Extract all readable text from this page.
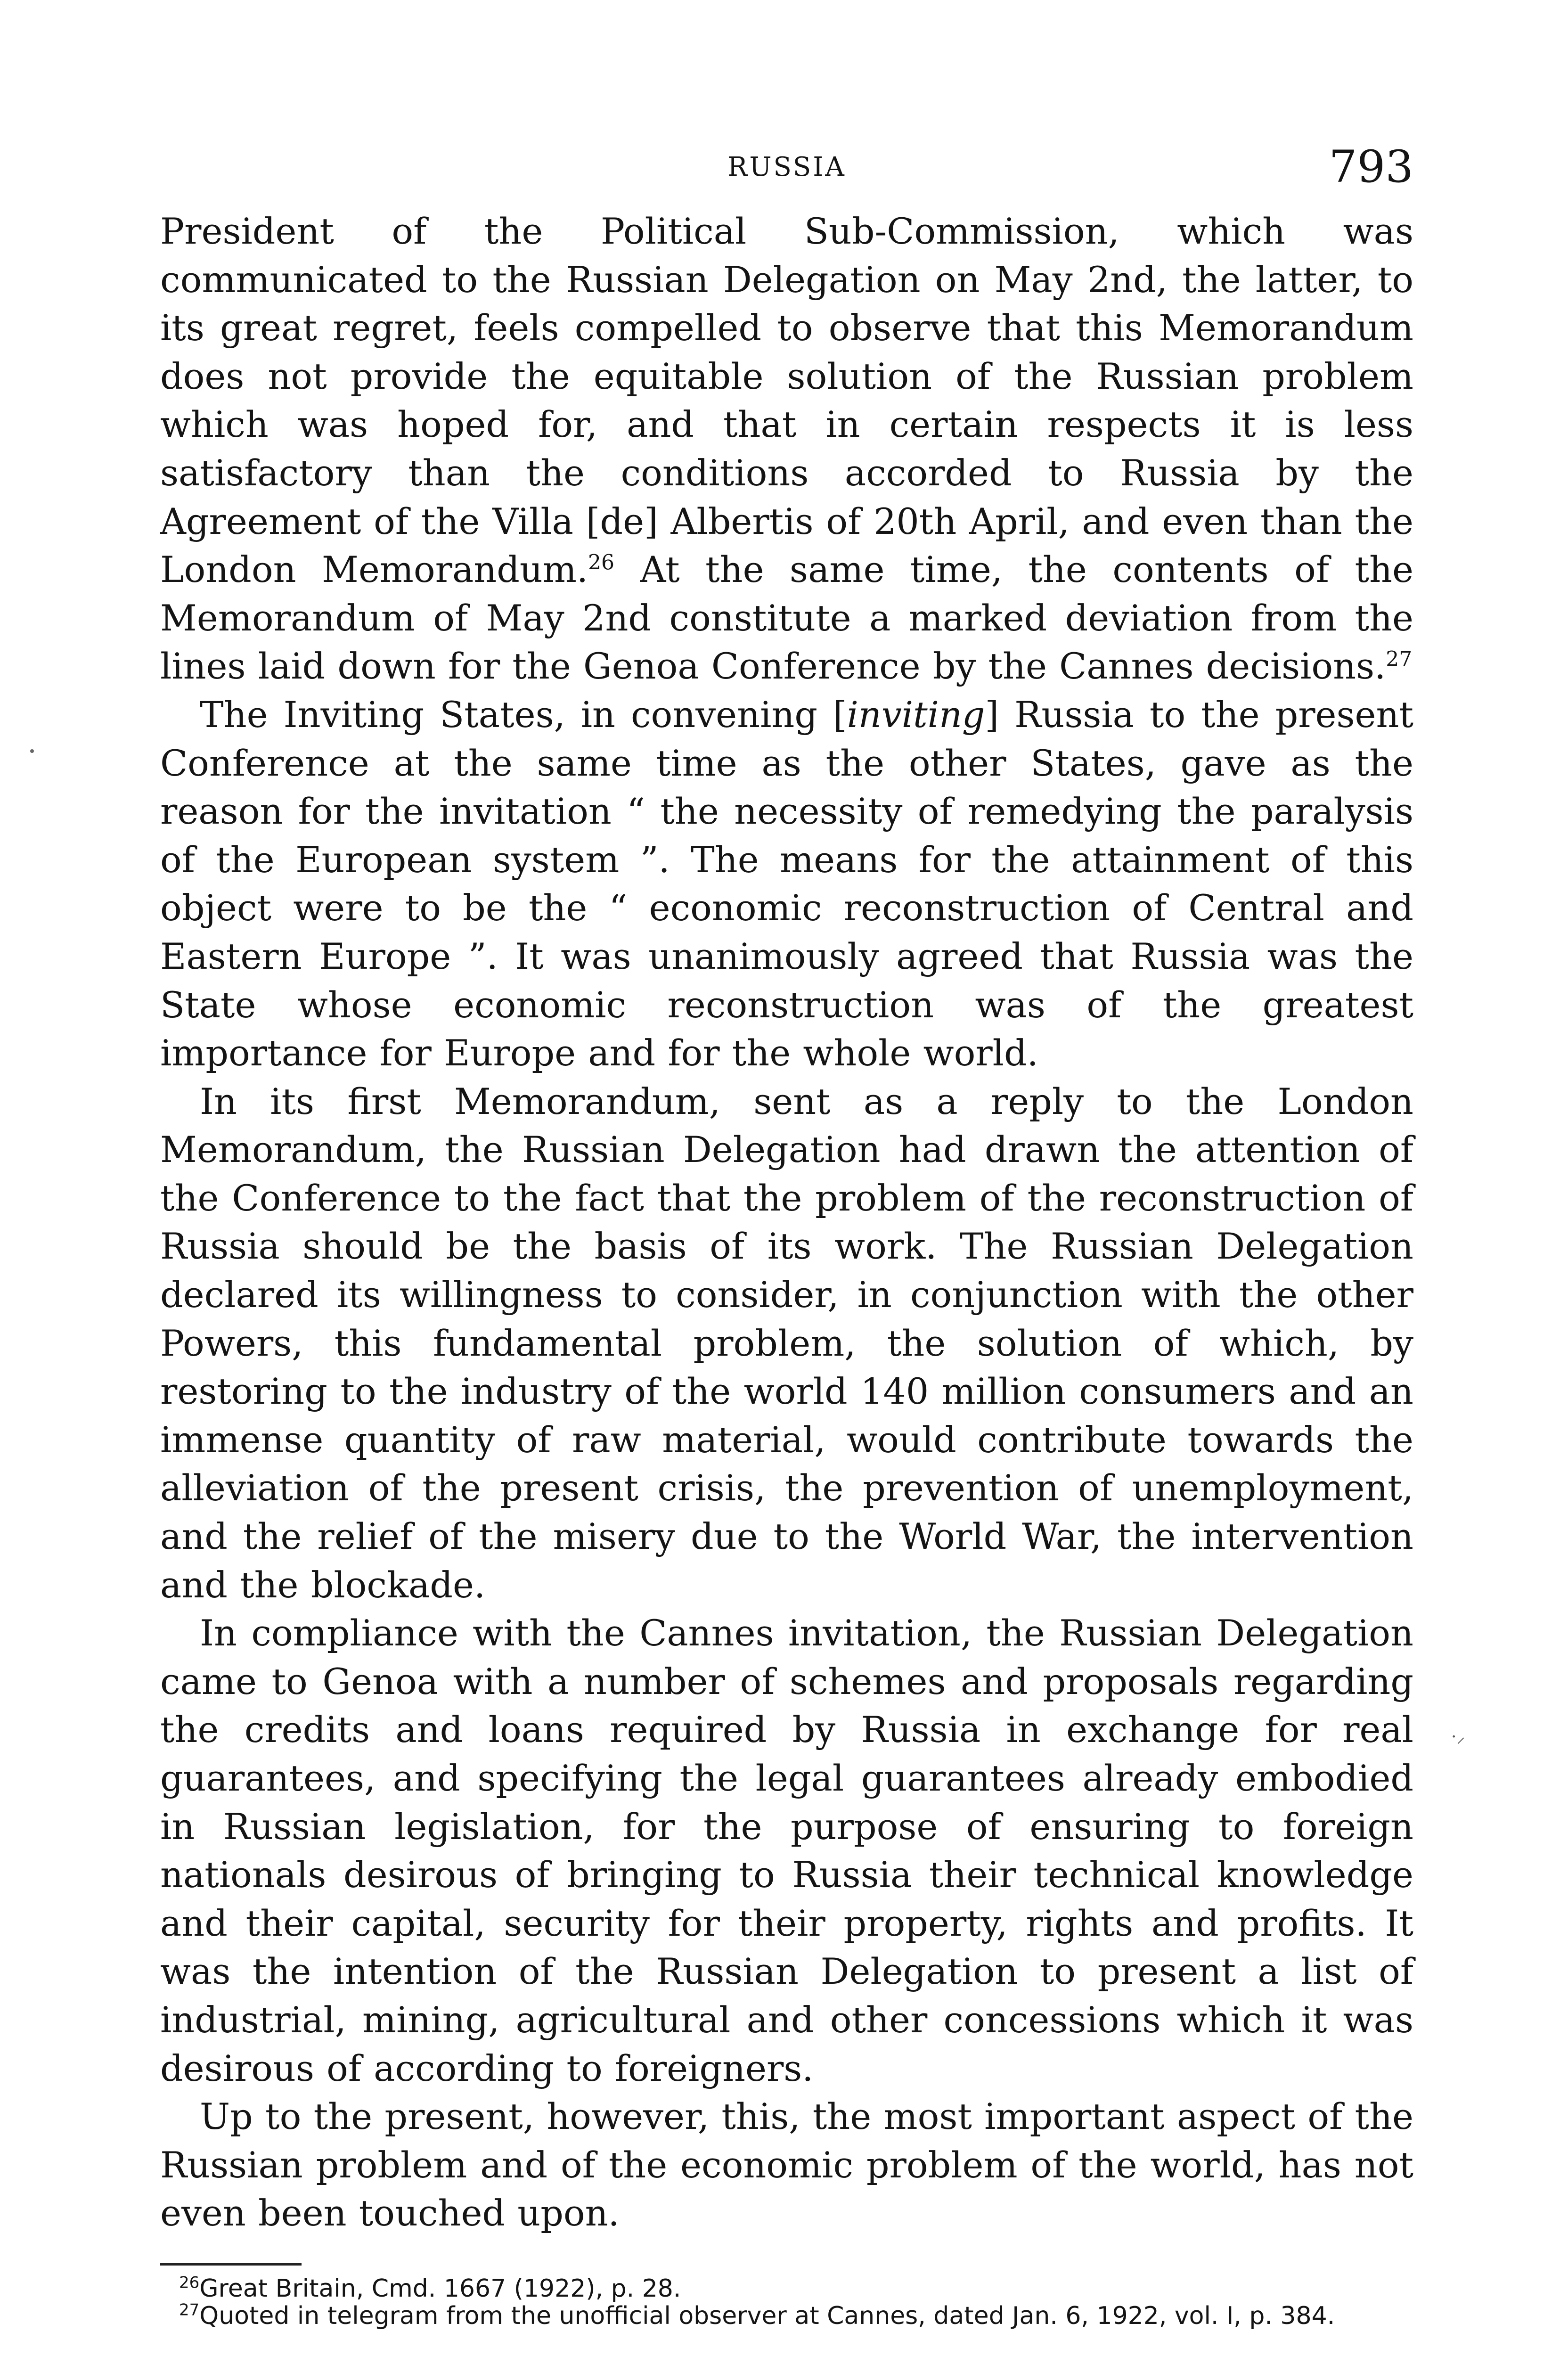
·⸝
RUSSIA	793

President of the Political Sub-Commission, which was communicated to the Russian Delegation on May 2nd, the latter, to its great regret, feels compelled to observe that this Memorandum does not provide the equitable solution of the Russian problem which was hoped for, and that in certain respects it is less satisfactory than the conditions accorded to Russia by the Agreement of the Villa [de] Albertis of 20th April, and even than the London Memorandum.$^{26}$ At the same time, the contents of the Memorandum of May 2nd constitute a marked deviation from the lines laid down for the Genoa Conference by the Cannes decisions.$^{27}$

The Inviting States, in convening [inviting] Russia to the present Conference at the same time as the other States, gave as the reason for the invitation “ the necessity of remedying the paralysis of the European system ”. The means for the attainment of this object were to be the “ economic reconstruction of Central and Eastern Europe ”. It was unanimously agreed that Russia was the State whose economic reconstruction was of the greatest importance for Europe and for the whole world.

In its first Memorandum, sent as a reply to the London Memorandum, the Russian Delegation had drawn the attention of the Conference to the fact that the problem of the reconstruction of Russia should be the basis of its work. The Russian Delegation declared its willingness to consider, in conjunction with the other Powers, this fundamental problem, the solution of which, by restoring to the industry of the world 140 million consumers and an immense quantity of raw material, would contribute towards the alleviation of the present crisis, the prevention of unemployment, and the relief of the misery due to the World War, the intervention and the blockade.

In compliance with the Cannes invitation, the Russian Delegation came to Genoa with a number of schemes and proposals regarding the credits and loans required by Russia in exchange for real guarantees, and specifying the legal guarantees already embodied in Russian legislation, for the purpose of ensuring to foreign nationals desirous of bringing to Russia their technical knowledge and their capital, security for their property, rights and profits. It was the intention of the Russian Delegation to present a list of industrial, mining, agricultural and other concessions which it was desirous of according to foreigners.

Up to the present, however, this, the most important aspect of the Russian problem and of the economic problem of the world, has not even been touched upon.

$^{26}$Great Britain, Cmd. 1667 (1922), p. 28.

$^{27}$Quoted in telegram from the unofficial observer at Cannes, dated Jan. 6, 1922, vol. I, p. 384.
